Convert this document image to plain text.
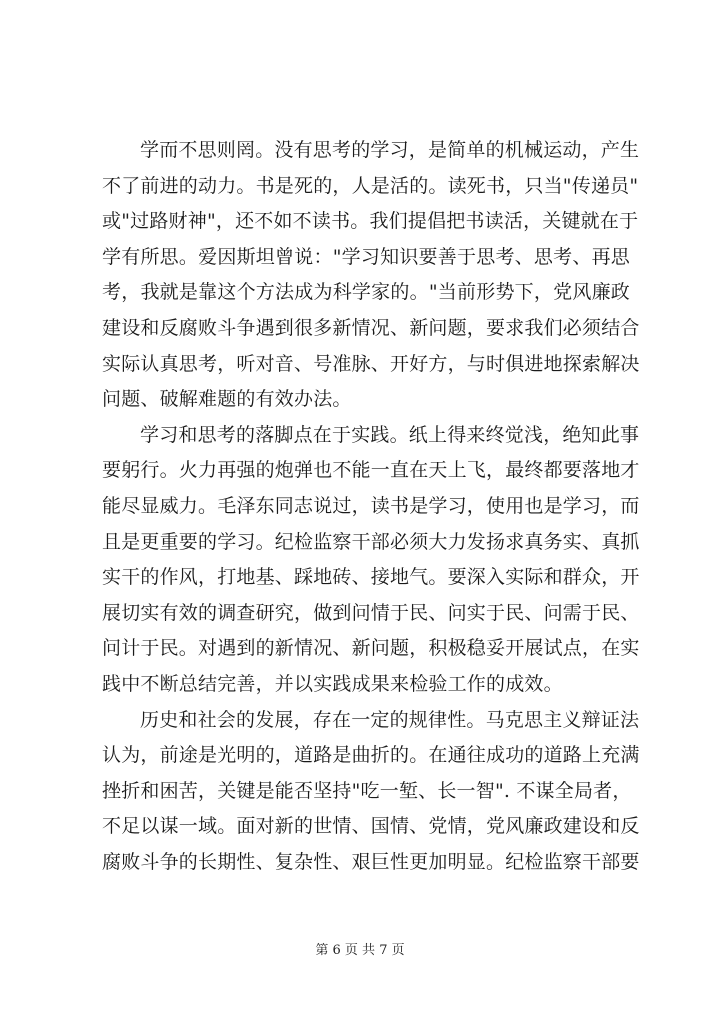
学而不思则罔。没有思考的学习，是简单的机械运动，产生
不了前进的动力。书是死的，人是活的。读死书，只当"传递员"
或"过路财神"，还不如不读书。我们提倡把书读活，关键就在于
学有所思。爱因斯坦曾说："学习知识要善于思考、思考、再思
考，我就是靠这个方法成为科学家的。"当前形势下，党风廉政
建设和反腐败斗争遇到很多新情况、新问题，要求我们必须结合
实际认真思考，听对音、号准脉、开好方，与时俱进地探索解决
问题、破解难题的有效办法。
学习和思考的落脚点在于实践。纸上得来终觉浅，绝知此事
要躬行。火力再强的炮弹也不能一直在天上飞，最终都要落地才
能尽显威力。毛泽东同志说过，读书是学习，使用也是学习，而
且是更重要的学习。纪检监察干部必须大力发扬求真务实、真抓
实干的作风，打地基、踩地砖、接地气。要深入实际和群众，开
展切实有效的调查研究，做到问情于民、问实于民、问需于民、
问计于民。对遇到的新情况、新问题，积极稳妥开展试点，在实
践中不断总结完善，并以实践成果来检验工作的成效。
历史和社会的发展，存在一定的规律性。马克思主义辩证法
认为，前途是光明的，道路是曲折的。在通往成功的道路上充满
挫折和困苦，关键是能否坚持"吃一堑、长一智". 不谋全局者，
不足以谋一域。面对新的世情、国情、党情，党风廉政建设和反
腐败斗争的长期性、复杂性、艰巨性更加明显。纪检监察干部要
第 6 页 共 7 页
